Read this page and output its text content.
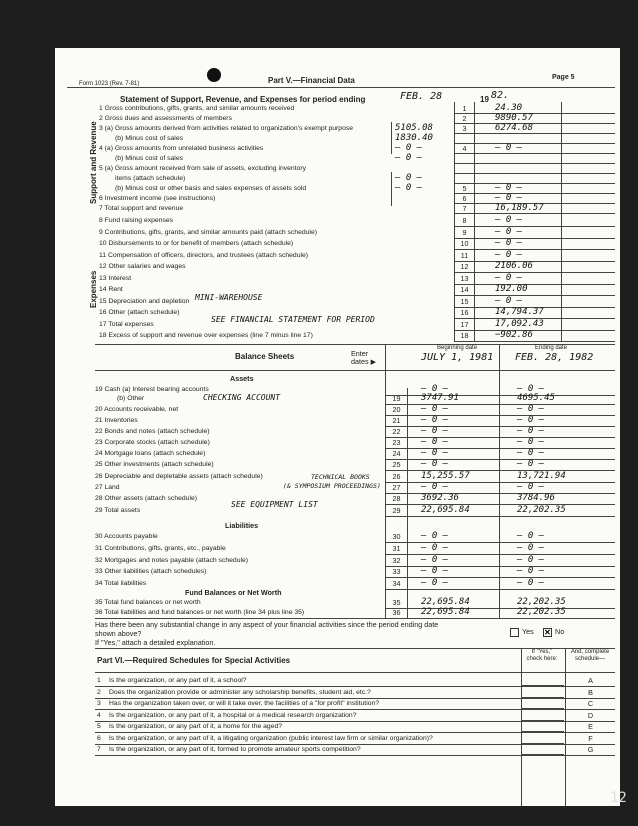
Form 1023 (Rev. 7-81)	Part V.—Financial Data	Page 5
Statement of Support, Revenue, and Expenses for period ending	FEB. 28	19 82.
Support and Revenue
Expenses
1 Gross contributions, gifts, grants, and similar amounts received	1	24.30
2 Gross dues and assessments of members	2	9890.57
3 (a) Gross amounts derived from activities related to organization's exempt purpose	5105.08	3	6274.68
(b) Minus cost of sales	1830.40
4 (a) Gross amounts from unrelated business activities	— 0 —	4	— 0 —
(b) Minus cost of sales	— 0 —
5 (a) Gross amount received from sale of assets, excluding inventory
items (attach schedule)	— 0 —
(b) Minus cost or other basis and sales expenses of assets sold	— 0 —	5	— 0 —
6 Investment income (see instructions)	6	— 0 —
7 Total support and revenue	7	16,189.57
8 Fund raising expenses	8	— 0 —
9 Contributions, gifts, grants, and similar amounts paid (attach schedule)	9	— 0 —
10 Disbursements to or for benefit of members (attach schedule)	10	— 0 —
11 Compensation of officers, directors, and trustees (attach schedule)	11	— 0 —
12 Other salaries and wages	12	2106.06
13 Interest	13	— 0 —
14 Rent	14	192.00
15 Depreciation and depletion	15	— 0 —
16 Other (attach schedule)	16	14,794.37
17 Total expenses	17	17,092.43
18 Excess of support and revenue over expenses (line 7 minus line 17)	18	−902.86
MINI-WAREHOUSE
SEE FINANCIAL STATEMENT FOR PERIOD
Balance Sheets	Enter dates ▶
Beginning date	Ending date
JULY 1, 1981 FEB. 28, 1982
Assets
Liabilities
Fund Balances or Net Worth
19 Cash (a) Interest bearing accounts	— 0 —	— 0 —
(b) Other	19	3747.91	4695.45
20 Accounts receivable, net	20	— 0 —	— 0 —
21 Inventories	21	— 0 —	— 0 —
22 Bonds and notes (attach schedule)	22	— 0 —	— 0 —
23 Corporate stocks (attach schedule)	23	— 0 —	— 0 —
24 Mortgage loans (attach schedule)	24	— 0 —	— 0 —
25 Other investments (attach schedule)	25	— 0 —	— 0 —
26 Depreciable and depletable assets (attach schedule)	26	15,255.57	13,721.94
27 Land	27	— 0 —	— 0 —
28 Other assets (attach schedule)	28	3692.36	3784.96
29 Total assets	29	22,695.84	22,202.35
30 Accounts payable	30	— 0 —	— 0 —
31 Contributions, gifts, grants, etc., payable	31	— 0 —	— 0 —
32 Mortgages and notes payable (attach schedule)	32	— 0 —	— 0 —
33 Other liabilities (attach schedules)	33	— 0 —	— 0 —
34 Total liabilities	34	— 0 —	— 0 —
35 Total fund balances or net worth	35	22,695.84	22,202.35
36 Total liabilities and fund balances or net worth (line 34 plus line 35)	36	22,695.84	22,202.35
CHECKING ACCOUNT
TECHNICAL BOOKS
(& SYMPOSIUM PROCEEDINGS)
SEE EQUIPMENT LIST
Has there been any substantial change in any aspect of your financial activities since the period ending date
shown above?
If "Yes," attach a detailed explanation.
Yes ✕ No
Part VI.—Required Schedules for Special Activities
If "Yes," check here:
And, complete schedule—
1 Is the organization, or any part of it, a school?	A
2 Does the organization provide or administer any scholarship benefits, student aid, etc.?	B
3 Has the organization taken over, or will it take over, the facilities of a "for profit" institution?	C
4 Is the organization, or any part of it, a hospital or a medical research organization?	D
5 Is the organization, or any part of it, a home for the aged?	E
6 Is the organization, or any part of it, a litigating organization (public interest law firm or similar organization)?	F
7 Is the organization, or any part of it, formed to promote amateur sports competition?	G
12
